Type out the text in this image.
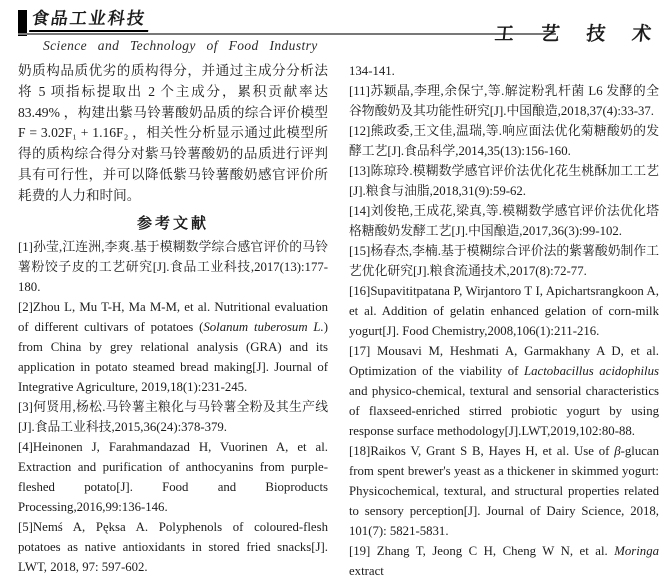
食品工业科技
Science and Technology of Food Industry
工 艺 技 术

奶质构品质优劣的质构得分，并通过主成分分析法将 5 项指标提取出 2 个主成分，累积贡献率达 83.49% ，构建出紫马铃薯酸奶品质的综合评价模型 F = 3.02F₁ + 1.16F₂ ，相关性分析显示通过此模型所得的质构综合得分对紫马铃薯酸奶的品质进行评判具有可行性，并可以降低紫马铃薯酸奶感官评价所耗费的人力和时间。

参考文献

[1]孙莹,江连洲,李爽.基于模糊数学综合感官评价的马铃薯粉饺子皮的工艺研究[J].食品工业科技,2017(13):177-180.

[2]Zhou L, Mu T-H, Ma M-M, et al. Nutritional evaluation of different cultivars of potatoes (Solanum tuberosum L.) from China by grey relational analysis (GRA) and its application in potato steamed bread making[J]. Journal of Integrative Agriculture, 2019,18(1):231-245.

[3]何贤用,杨松.马铃薯主粮化与马铃薯全粉及其生产线[J].食品工业科技,2015,36(24):378-379.

[4]Heinonen J, Farahmandazad H, Vuorinen A, et al. Extraction and purification of anthocyanins from purple-fleshed potato[J]. Food and Bioproducts Processing,2016,99:136-146.

[5]Nemś A, Pęksa A. Polyphenols of coloured-flesh potatoes as native antioxidants in stored fried snacks[J]. LWT, 2018, 97: 597-602.

134-141.

[11]苏颖晶,李理,余保宁,等.解淀粉乳杆菌 L6 发酵的全谷物酸奶及其功能性研究[J].中国酿造,2018,37(4):33-37.

[12]熊政委,王文佳,温瑞,等.响应面法优化菊糖酸奶的发酵工艺[J].食品科学,2014,35(13):156-160.

[13]陈琼玲.模糊数学感官评价法优化花生桃酥加工工艺[J].粮食与油脂,2018,31(9):59-62.

[14]刘俊艳,王成花,梁真,等.模糊数学感官评价法优化塔格糖酸奶发酵工艺[J].中国酿造,2017,36(3):99-102.

[15]杨春杰,李楠.基于模糊综合评价法的紫薯酸奶制作工艺优化研究[J].粮食流通技术,2017(8):72-77.

[16]Supavititpatana P, Wirjantoro T I, Apichartsrangkoon A, et al. Addition of gelatin enhanced gelation of corn-milk yogurt[J]. Food Chemistry,2008,106(1):211-216.

[17] Mousavi M, Heshmati A, Garmakhany A D, et al. Optimization of the viability of Lactobacillus acidophilus and physico-chemical, textural and sensorial characteristics of flaxseed-enriched stirred probiotic yogurt by using response surface methodology[J].LWT,2019,102:80-88.

[18]Raikos V, Grant S B, Hayes H, et al. Use of β-glucan from spent brewer's yeast as a thickener in skimmed yogurt: Physicochemical, textural, and structural properties related to sensory perception[J]. Journal of Dairy Science, 2018, 101(7): 5821-5831.

[19] Zhang T, Jeong C H, Cheng W N, et al. Moringa extract
